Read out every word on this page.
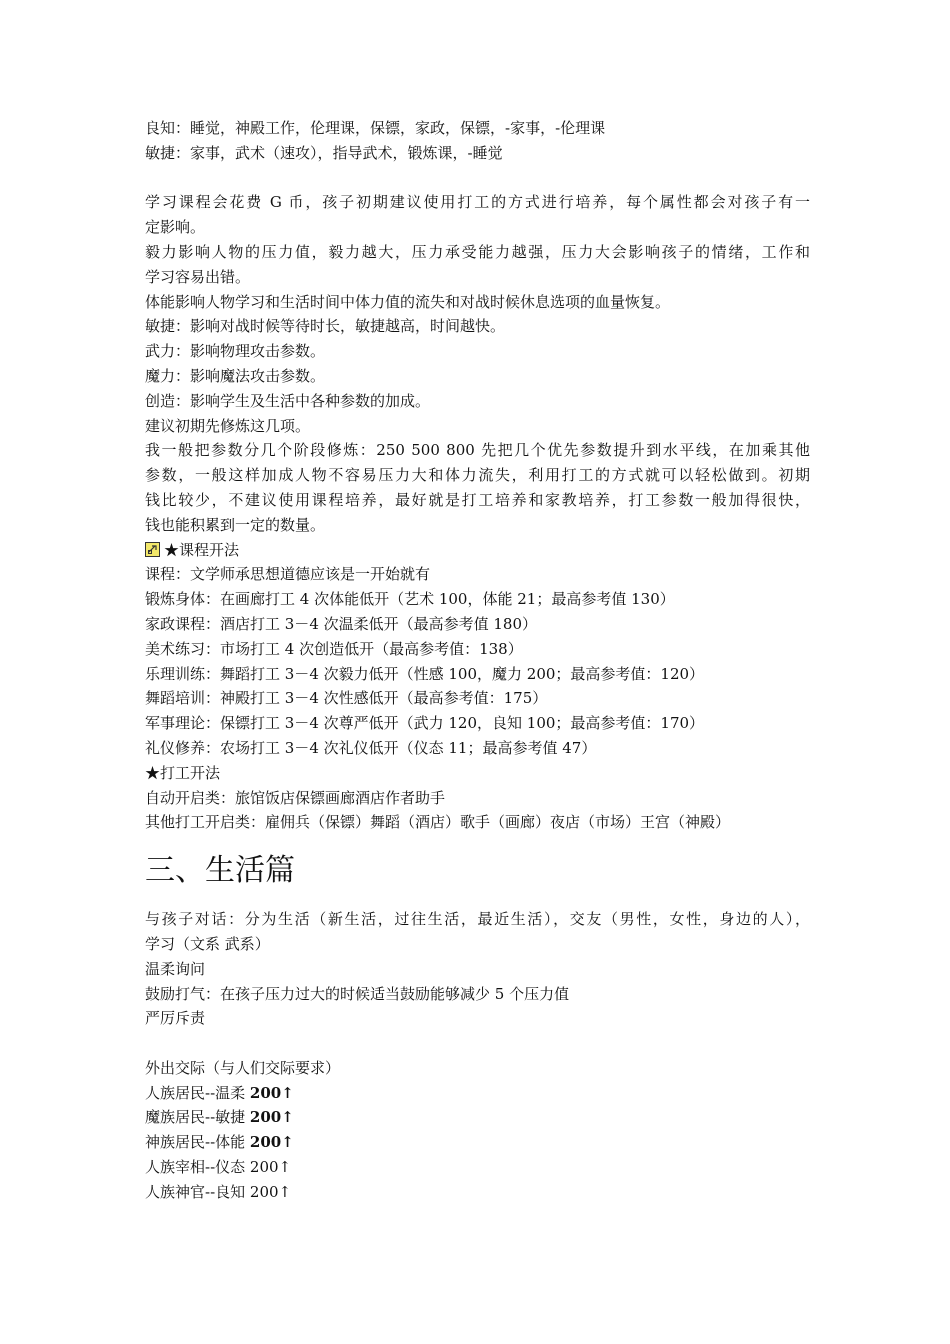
良知：睡觉，神殿工作，伦理课，保镖，家政，保镖，-家事，-伦理课
敏捷：家事，武术（速攻），指导武术，锻炼课，-睡觉
学习课程会花费 G 币，孩子初期建议使用打工的方式进行培养，每个属性都会对孩子有一
定影响。
毅力影响人物的压力值，毅力越大，压力承受能力越强，压力大会影响孩子的情绪，工作和
学习容易出错。
体能影响人物学习和生活时间中体力值的流失和对战时候休息选项的血量恢复。
敏捷：影响对战时候等待时长，敏捷越高，时间越快。
武力：影响物理攻击参数。
魔力：影响魔法攻击参数。
创造：影响学生及生活中各种参数的加成。
建议初期先修炼这几项。
我一般把参数分几个阶段修炼：250 500 800 先把几个优先参数提升到水平线，在加乘其他
参数，一般这样加成人物不容易压力大和体力流失，利用打工的方式就可以轻松做到。初期
钱比较少，不建议使用课程培养，最好就是打工培养和家教培养，打工参数一般加得很快，
钱也能积累到一定的数量。
★课程开法
课程：文学师承思想道德应该是一开始就有
锻炼身体：在画廊打工 4 次体能低开（艺术 100，体能 21；最高参考值 130）
家政课程：酒店打工 3－4 次温柔低开（最高参考值 180）
美术练习：市场打工 4 次创造低开（最高参考值：138）
乐理训练：舞蹈打工 3－4 次毅力低开（性感 100，魔力 200；最高参考值：120）
舞蹈培训：神殿打工 3－4 次性感低开（最高参考值：175）
军事理论：保镖打工 3－4 次尊严低开（武力 120，良知 100；最高参考值：170）
礼仪修养：农场打工 3－4 次礼仪低开（仪态 11；最高参考值 47）
★打工开法
自动开启类：旅馆饭店保镖画廊酒店作者助手
其他打工开启类：雇佣兵（保镖）舞蹈（酒店）歌手（画廊）夜店（市场）王宫（神殿）
三、生活篇
与孩子对话：分为生活（新生活，过往生活，最近生活），交友（男性，女性，身边的人），
学习（文系 武系）
温柔询问
鼓励打气：在孩子压力过大的时候适当鼓励能够减少 5 个压力值
严厉斥责
外出交际（与人们交际要求）
人族居民--温柔 200↑
魔族居民--敏捷 200↑
神族居民--体能 200↑
人族宰相--仪态 200↑
人族神官--良知 200↑
